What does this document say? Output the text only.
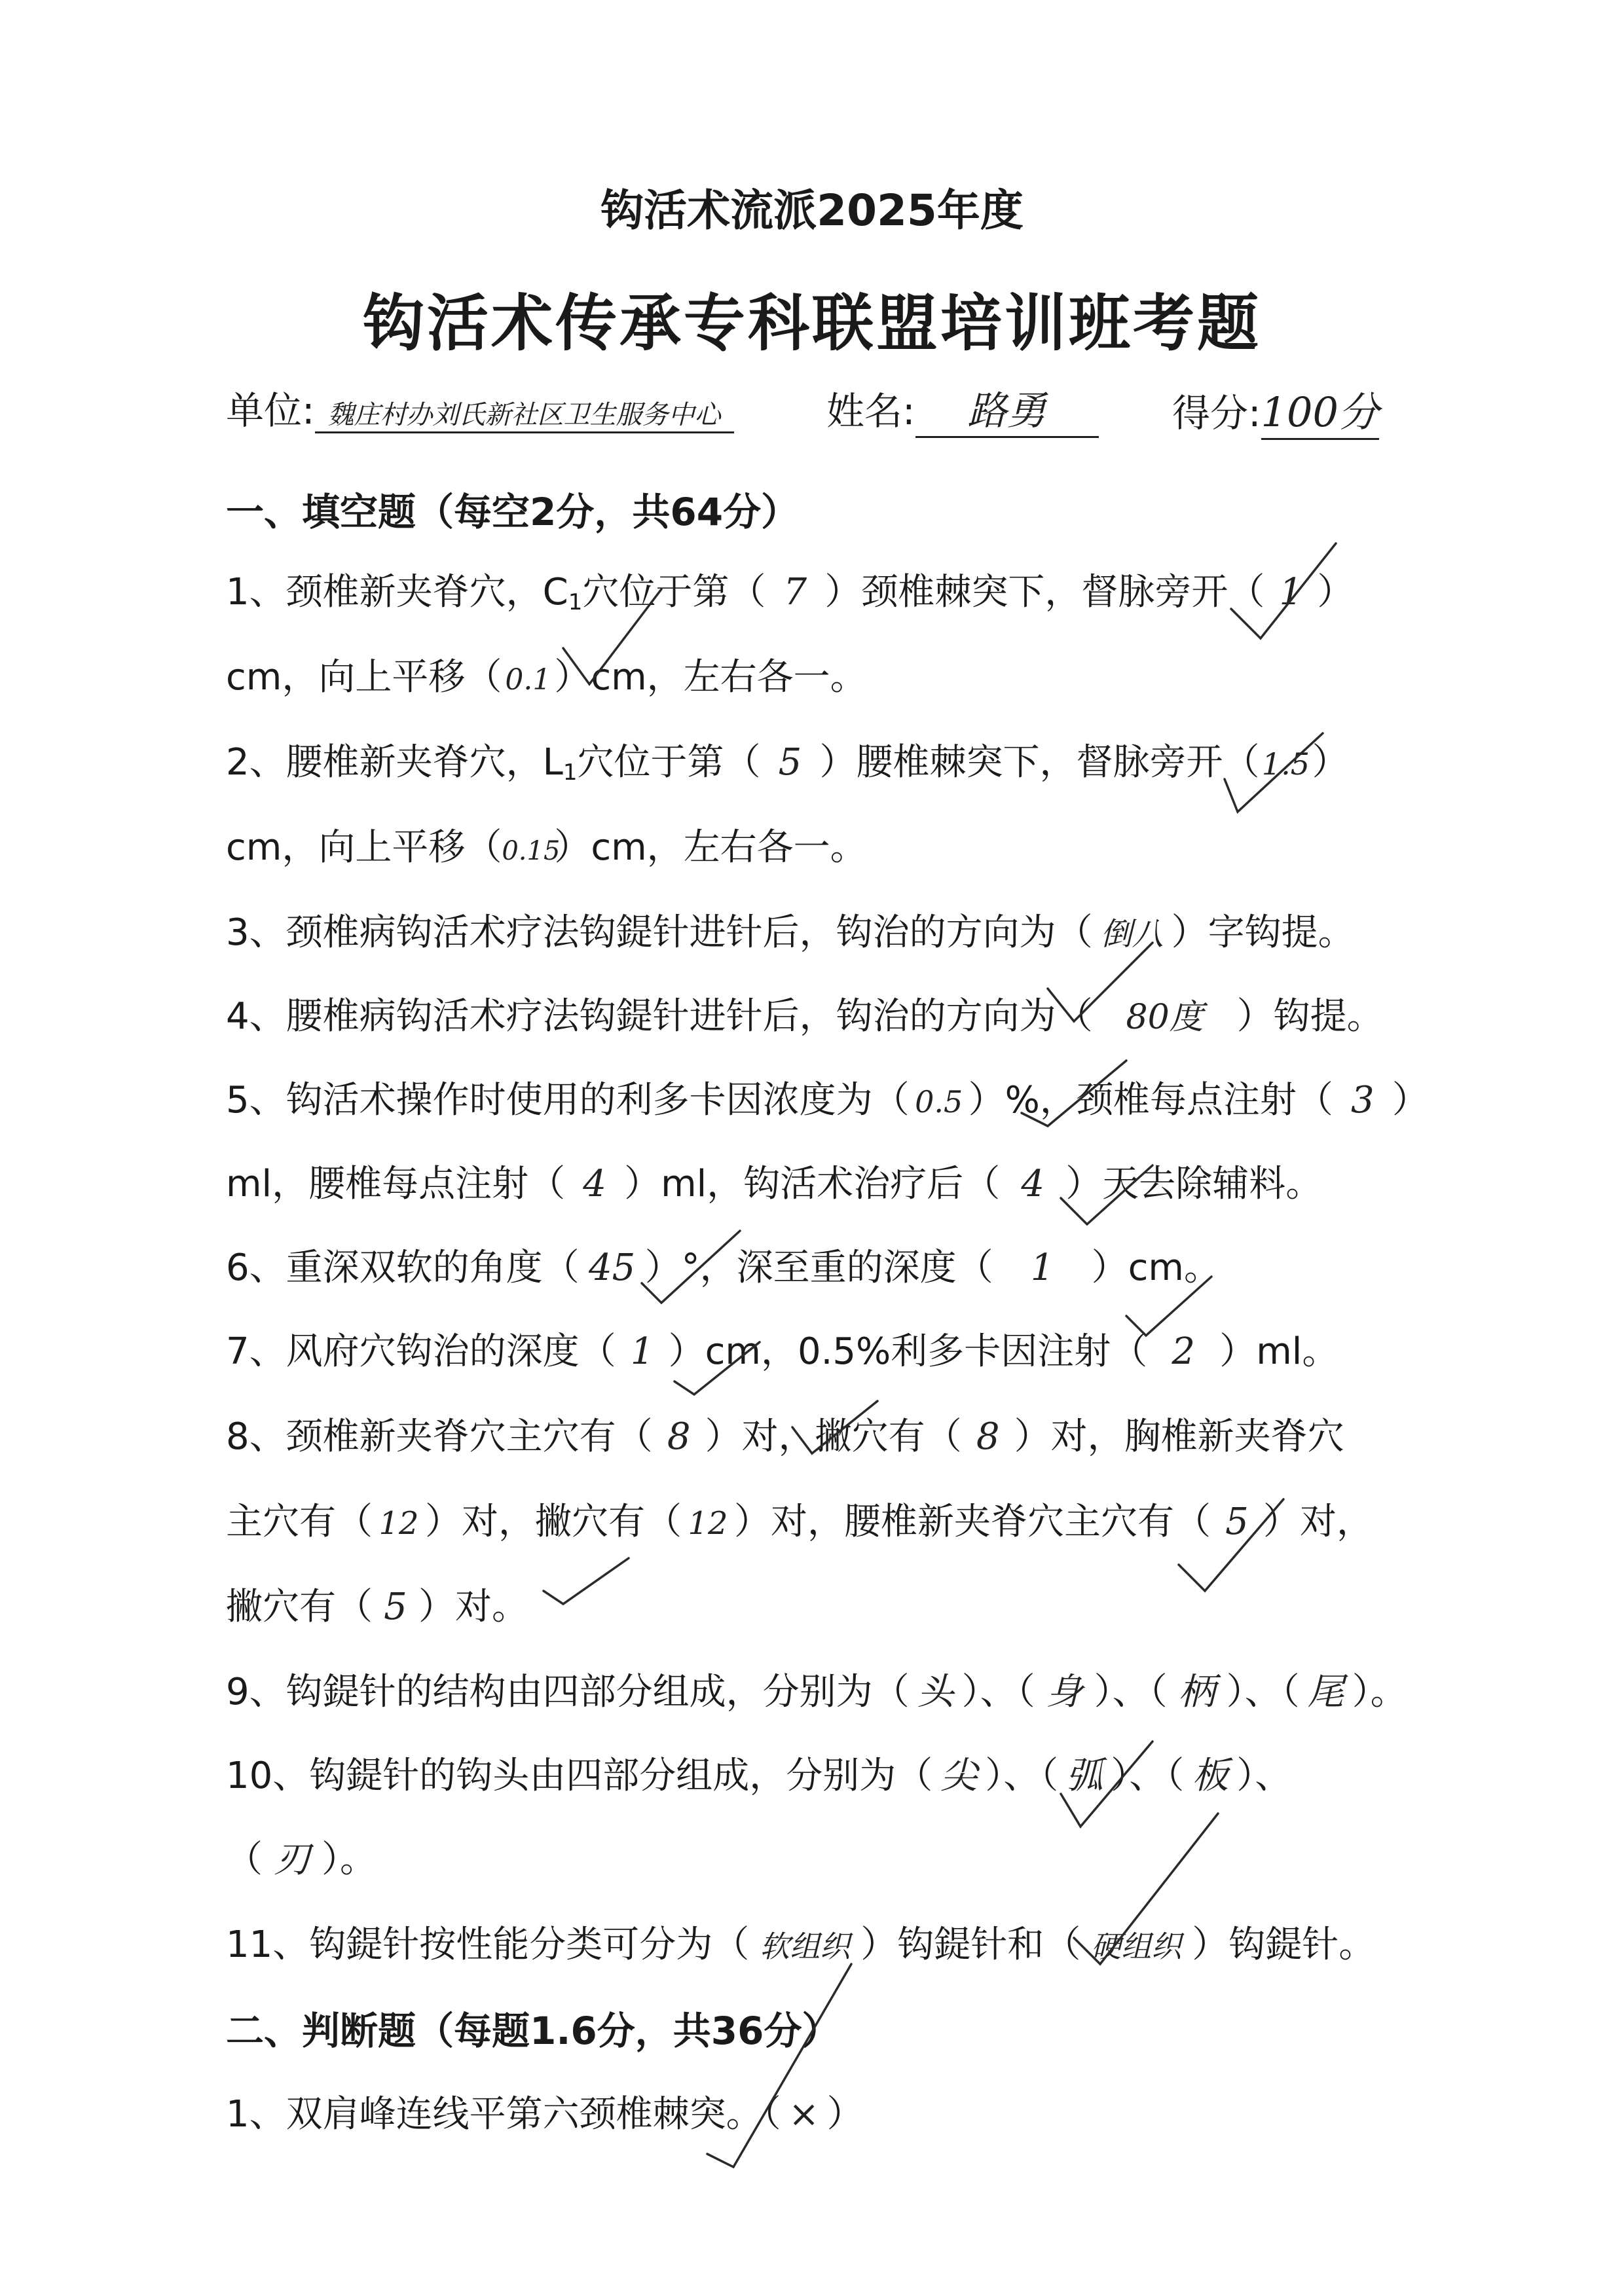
钩活术流派2025年度
钩活术传承专科联盟培训班考题
单位: 魏庄村办刘氏新社区卫生服务中心	姓名: 路勇	得分:100分
一、填空题（每空2分，共64分）
1、颈椎新夹脊穴，$C_1$穴位于第（ 7 ）颈椎棘突下，督脉旁开（ 1 ）
cm，向上平移（ 0.1）cm，左右各一。
2、腰椎新夹脊穴，$L_1$穴位于第（ 5 ）腰椎棘突下，督脉旁开（1.5）
cm，向上平移（0.15）cm，左右各一。
3、颈椎病钩活术疗法钩鍉针进针后，钩治的方向为（ 倒八 ）字钩提。
4、腰椎病钩活术疗法钩鍉针进针后，钩治的方向为（ 80度 ）钩提。
5、钩活术操作时使用的利多卡因浓度为（ 0.5 ）%，颈椎每点注射（ 3 ）
ml，腰椎每点注射（ 4 ）ml，钩活术治疗后（ 4 ）天去除辅料。
6、重深双软的角度（ 45 ）°，深至重的深度（ 1 ）cm。
7、风府穴钩治的深度（ 1 ）cm，0.5%利多卡因注射（ 2 ）ml。
8、颈椎新夹脊穴主穴有（ 8 ）对，撇穴有（ 8 ）对，胸椎新夹脊穴
主穴有（ 12 ）对，撇穴有（ 12 ）对，腰椎新夹脊穴主穴有（ 5 ）对，
撇穴有（ 5 ）对。
9、钩鍉针的结构由四部分组成，分别为（ 头 ）、（ 身 ）、（ 柄 ）、（ 尾 ）。
10、钩鍉针的钩头由四部分组成，分别为（ 尖 ）、（ 弧 ）、（ 板 ）、
（ 刃 ）。
11、钩鍉针按性能分类可分为（ 软组织 ）钩鍉针和（ 硬组织 ）钩鍉针。
二、判断题（每题1.6分，共36分）
1、双肩峰连线平第六颈椎棘突。（ × ）
